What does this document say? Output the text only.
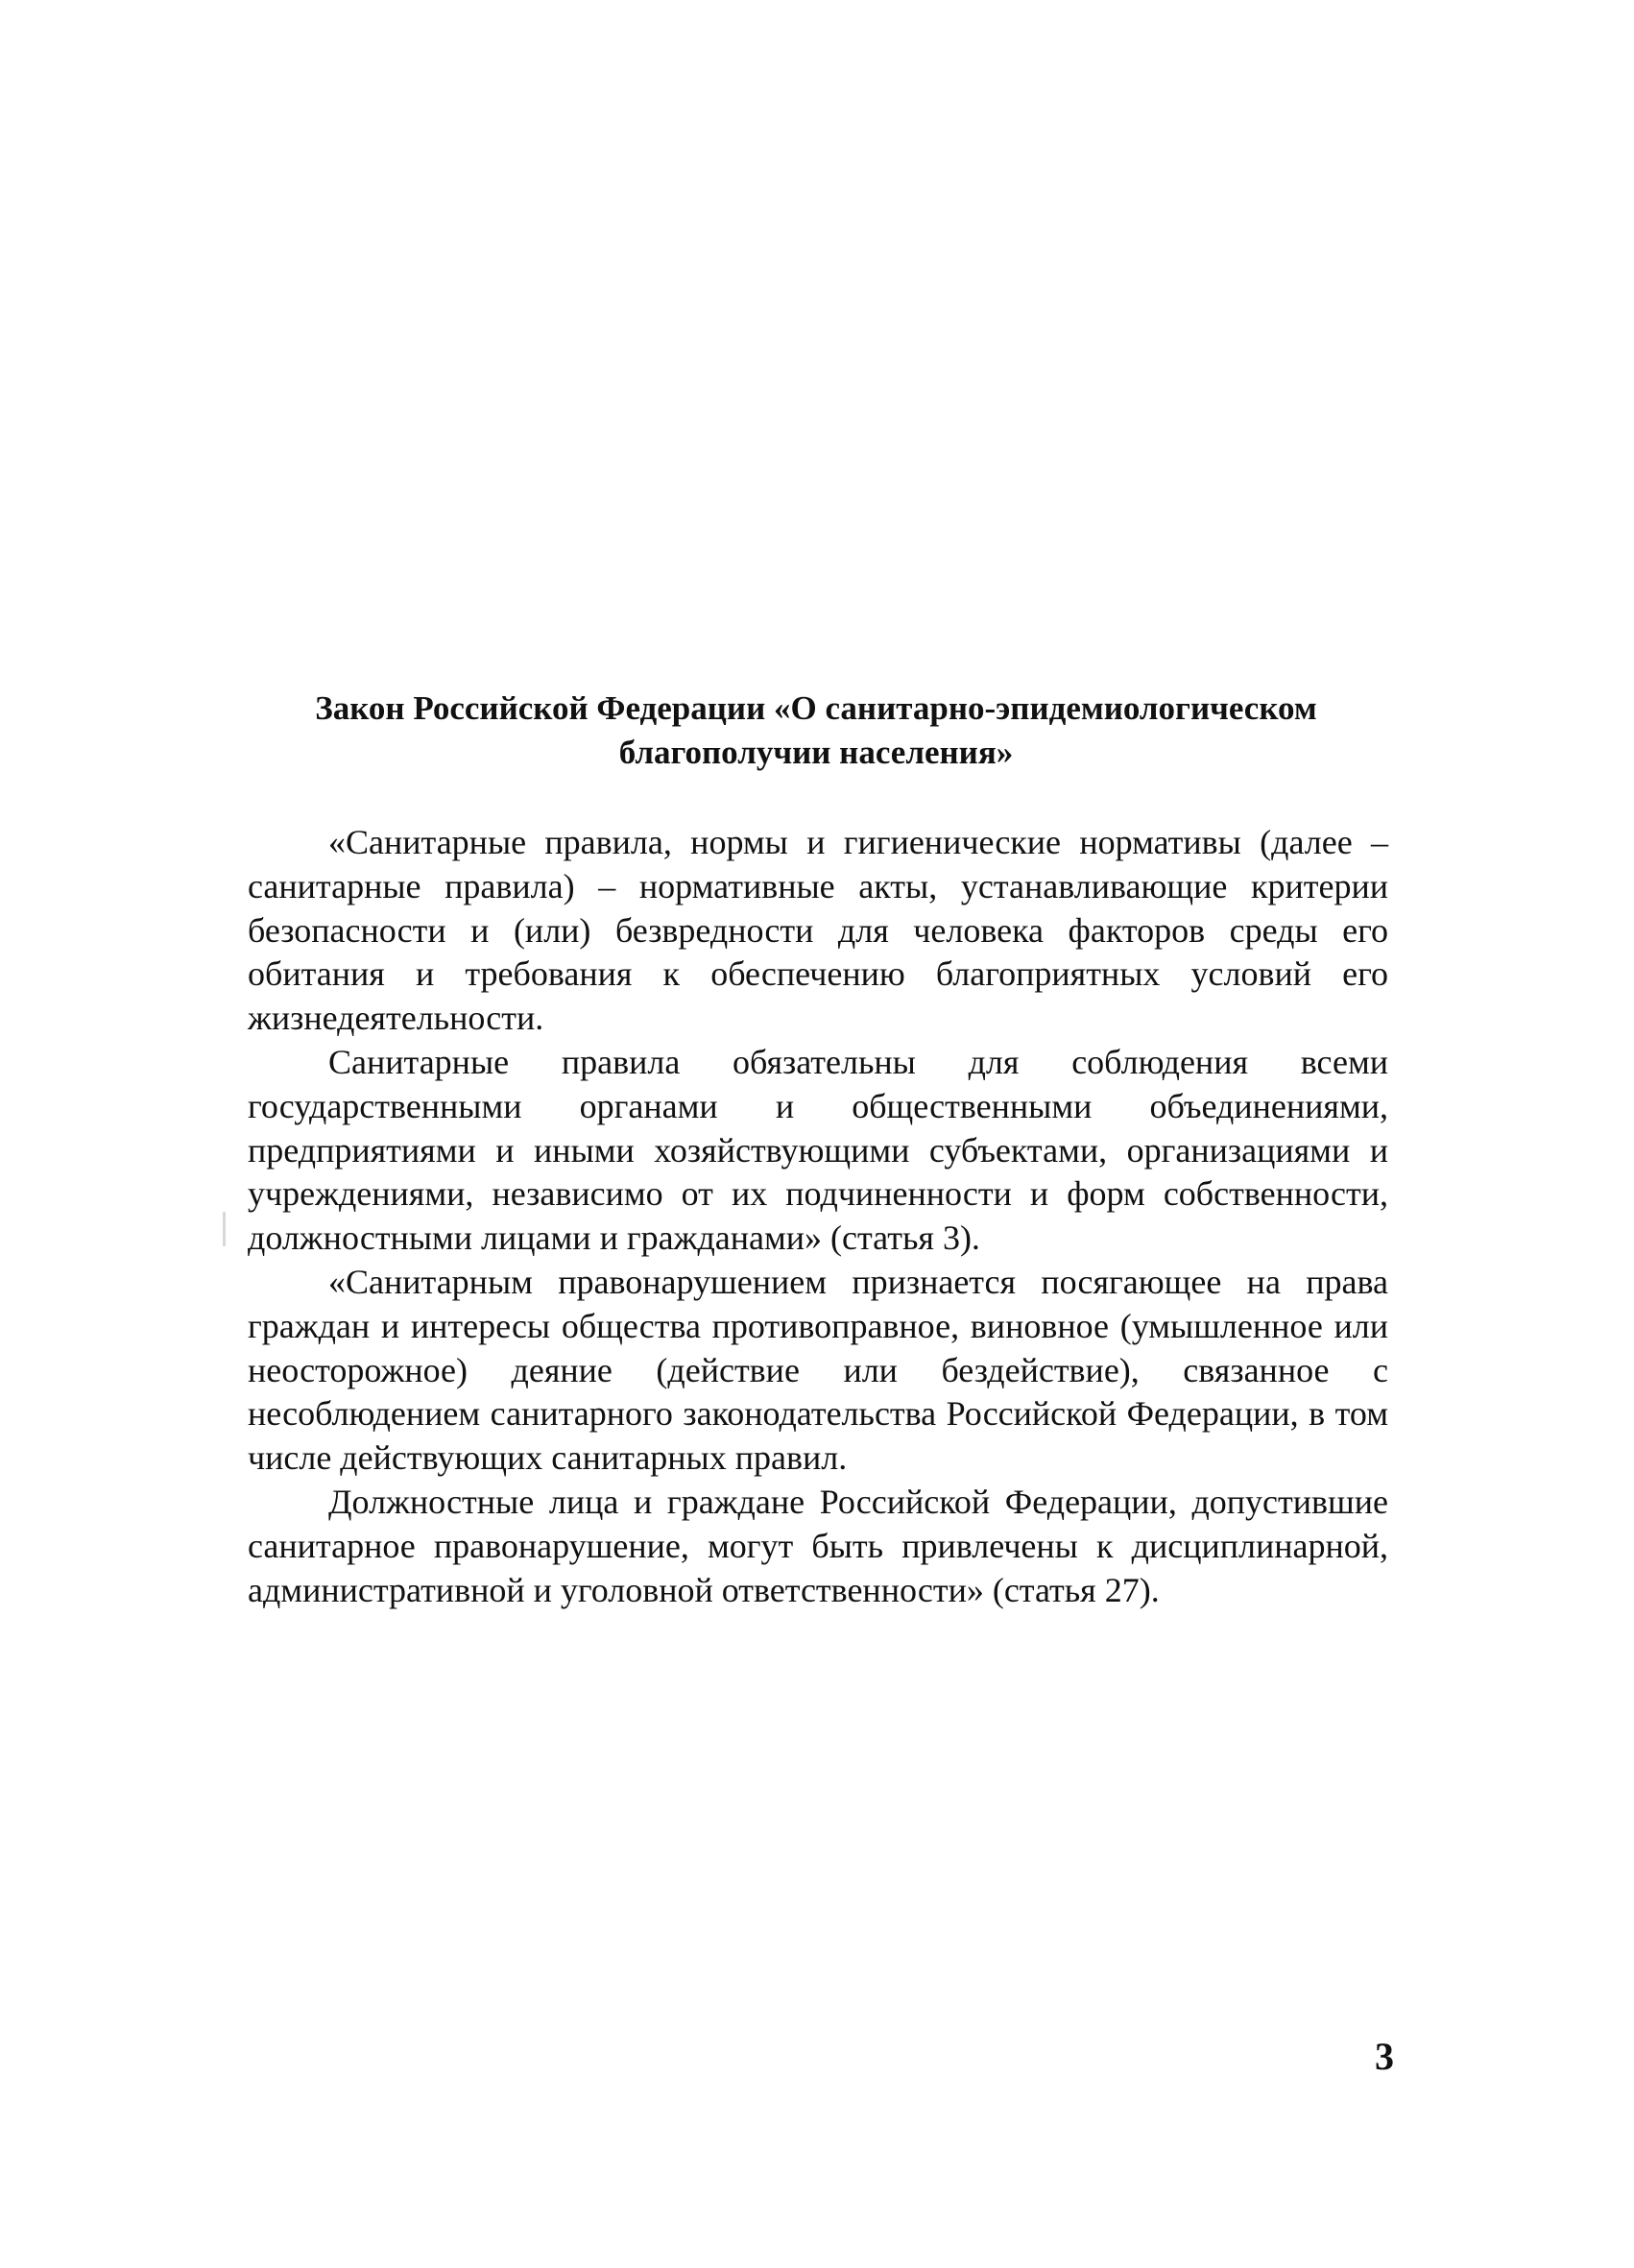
Закон Российской Федерации «О санитарно-эпидемиологическом благополучии населения»

«Санитарные правила, нормы и гигиенические нормативы (далее – санитарные правила) – нормативные акты, устанавливающие критерии безопасности и (или) безвредности для человека факторов среды его обитания и требования к обеспечению благоприятных условий его жизнедеятельности.

Санитарные правила обязательны для соблюдения всеми государственными органами и общественными объединениями, предприятиями и иными хозяйствующими субъектами, организациями и учреждениями, независимо от их подчиненности и форм собственности, должностными лицами и гражданами» (статья 3).

«Санитарным правонарушением признается посягающее на права граждан и интересы общества противоправное, виновное (умышленное или неосторожное) деяние (действие или бездействие), связанное с несоблюдением санитарного законодательства Российской Федерации, в том числе действующих санитарных правил.

Должностные лица и граждане Российской Федерации, допустившие санитарное правонарушение, могут быть привлечены к дисциплинарной, административной и уголовной ответственности» (статья 27).

3
